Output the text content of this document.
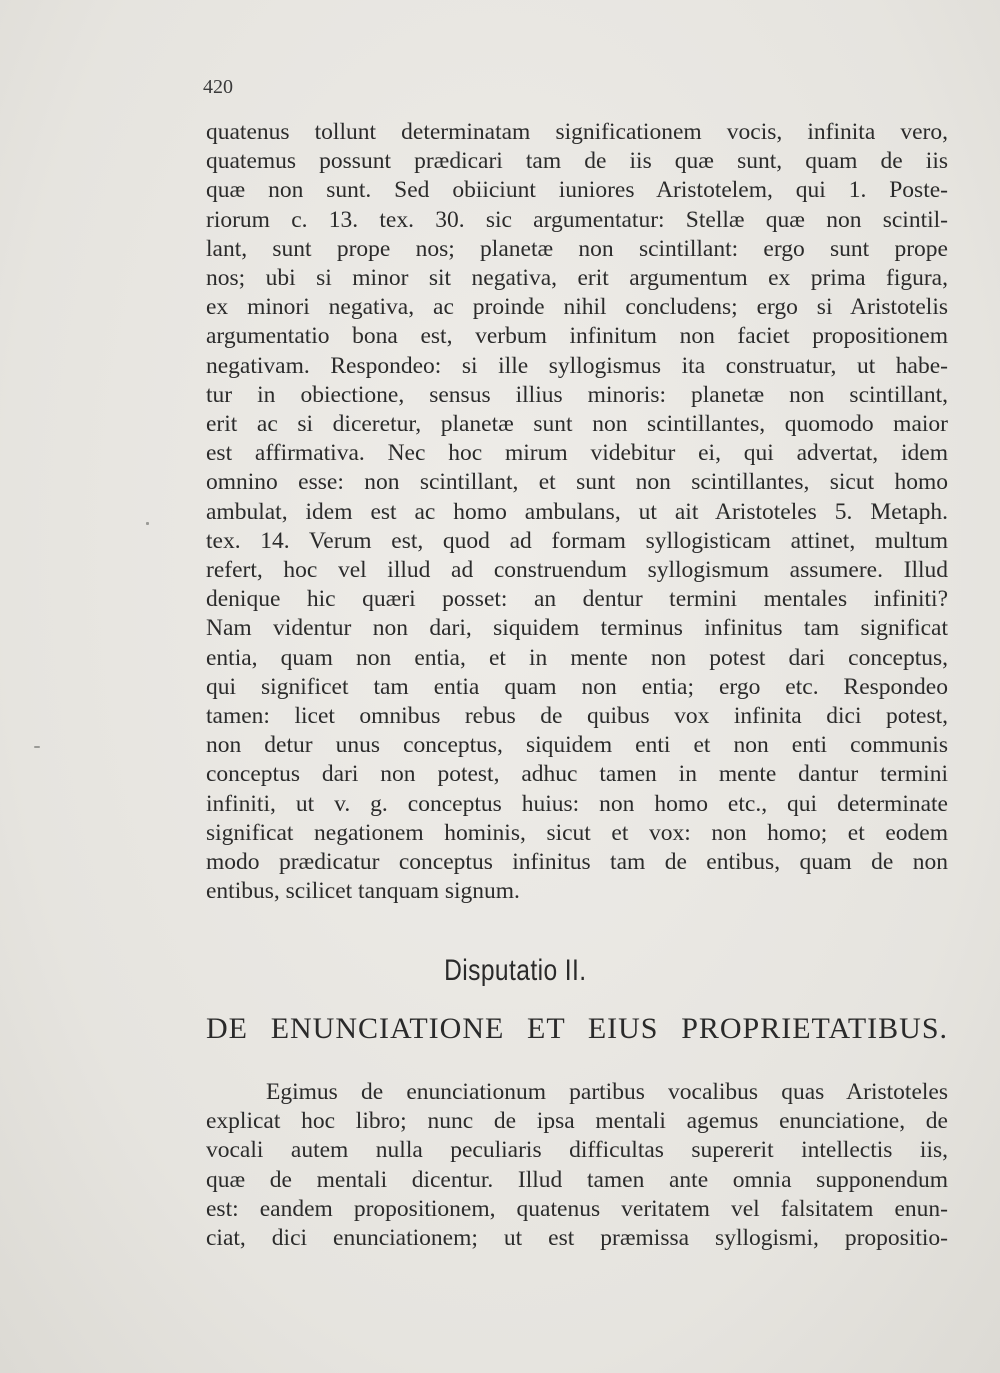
420
quatenus tollunt determinatam significationem vocis, infinita vero,
quatemus possunt prædicari tam de iis quæ sunt, quam de iis
quæ non sunt. Sed obiiciunt iuniores Aristotelem, qui 1. Poste-
riorum c. 13. tex. 30. sic argumentatur: Stellæ quæ non scintil-
lant, sunt prope nos; planetæ non scintillant: ergo sunt prope
nos; ubi si minor sit negativa, erit argumentum ex prima figura,
ex minori negativa, ac proinde nihil concludens; ergo si Aristotelis
argumentatio bona est, verbum infinitum non faciet propositionem
negativam. Respondeo: si ille syllogismus ita construatur, ut habe-
tur in obiectione, sensus illius minoris: planetæ non scintillant,
erit ac si diceretur, planetæ sunt non scintillantes, quomodo maior
est affirmativa. Nec hoc mirum videbitur ei, qui advertat, idem
omnino esse: non scintillant, et sunt non scintillantes, sicut homo
ambulat, idem est ac homo ambulans, ut ait Aristoteles 5. Metaph.
tex. 14. Verum est, quod ad formam syllogisticam attinet, multum
refert, hoc vel illud ad construendum syllogismum assumere. Illud
denique hic quæri posset: an dentur termini mentales infiniti?
Nam videntur non dari, siquidem terminus infinitus tam significat
entia, quam non entia, et in mente non potest dari conceptus,
qui significet tam entia quam non entia; ergo etc. Respondeo
tamen: licet omnibus rebus de quibus vox infinita dici potest,
non detur unus conceptus, siquidem enti et non enti communis
conceptus dari non potest, adhuc tamen in mente dantur termini
infiniti, ut v. g. conceptus huius: non homo etc., qui determinate
significat negationem hominis, sicut et vox: non homo; et eodem
modo prædicatur conceptus infinitus tam de entibus, quam de non
entibus, scilicet tanquam signum.
Disputatio II.
DE ENUNCIATIONE ET EIUS PROPRIETATIBUS.
Egimus de enunciationum partibus vocalibus quas Aristoteles
explicat hoc libro; nunc de ipsa mentali agemus enunciatione, de
vocali autem nulla peculiaris difficultas supererit intellectis iis,
quæ de mentali dicentur. Illud tamen ante omnia supponendum
est: eandem propositionem, quatenus veritatem vel falsitatem enun-
ciat, dici enunciationem; ut est præmissa syllogismi, propositio-
